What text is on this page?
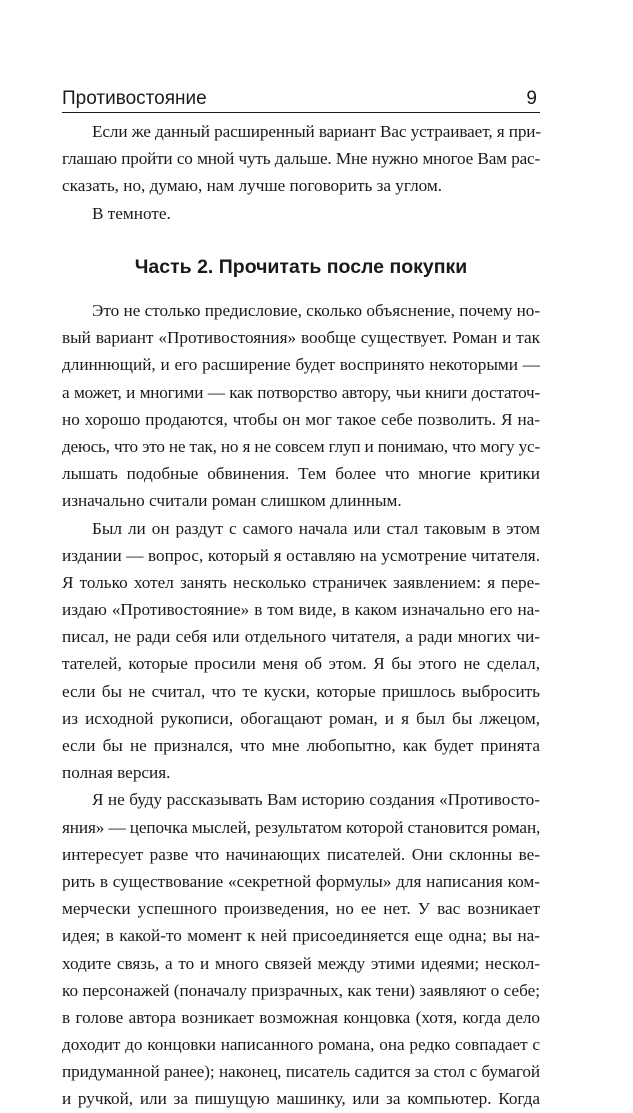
Противостояние	9
Если же данный расширенный вариант Вас устраивает, я при-
глашаю пройти со мной чуть дальше. Мне нужно многое Вам рас-
сказать, но, думаю, нам лучше поговорить за углом.
В темноте.
Часть 2. Прочитать после покупки
Это не столько предисловие, сколько объяснение, почему но-
вый вариант «Противостояния» вообще существует. Роман и так
длиннющий, и его расширение будет воспринято некоторыми —
а может, и многими — как потворство автору, чьи книги достаточ-
но хорошо продаются, чтобы он мог такое себе позволить. Я на-
деюсь, что это не так, но я не совсем глуп и понимаю, что могу ус-
лышать подобные обвинения. Тем более что многие критики
изначально считали роман слишком длинным.
Был ли он раздут с самого начала или стал таковым в этом
издании — вопрос, который я оставляю на усмотрение читателя.
Я только хотел занять несколько страничек заявлением: я пере-
издаю «Противостояние» в том виде, в каком изначально его на-
писал, не ради себя или отдельного читателя, а ради многих чи-
тателей, которые просили меня об этом. Я бы этого не сделал,
если бы не считал, что те куски, которые пришлось выбросить
из исходной рукописи, обогащают роман, и я был бы лжецом,
если бы не признался, что мне любопытно, как будет принята
полная версия.
Я не буду рассказывать Вам историю создания «Противосто-
яния» — цепочка мыслей, результатом которой становится роман,
интересует разве что начинающих писателей. Они склонны ве-
рить в существование «секретной формулы» для написания ком-
мерчески успешного произведения, но ее нет. У вас возникает
идея; в какой-то момент к ней присоединяется еще одна; вы на-
ходите связь, а то и много связей между этими идеями; нескол-
ко персонажей (поначалу призрачных, как тени) заявляют о себе;
в голове автора возникает возможная концовка (хотя, когда дело
доходит до концовки написанного романа, она редко совпадает с
придуманной ранее); наконец, писатель садится за стол с бумагой
и ручкой, или за пишущую машинку, или за компьютер. Когда
